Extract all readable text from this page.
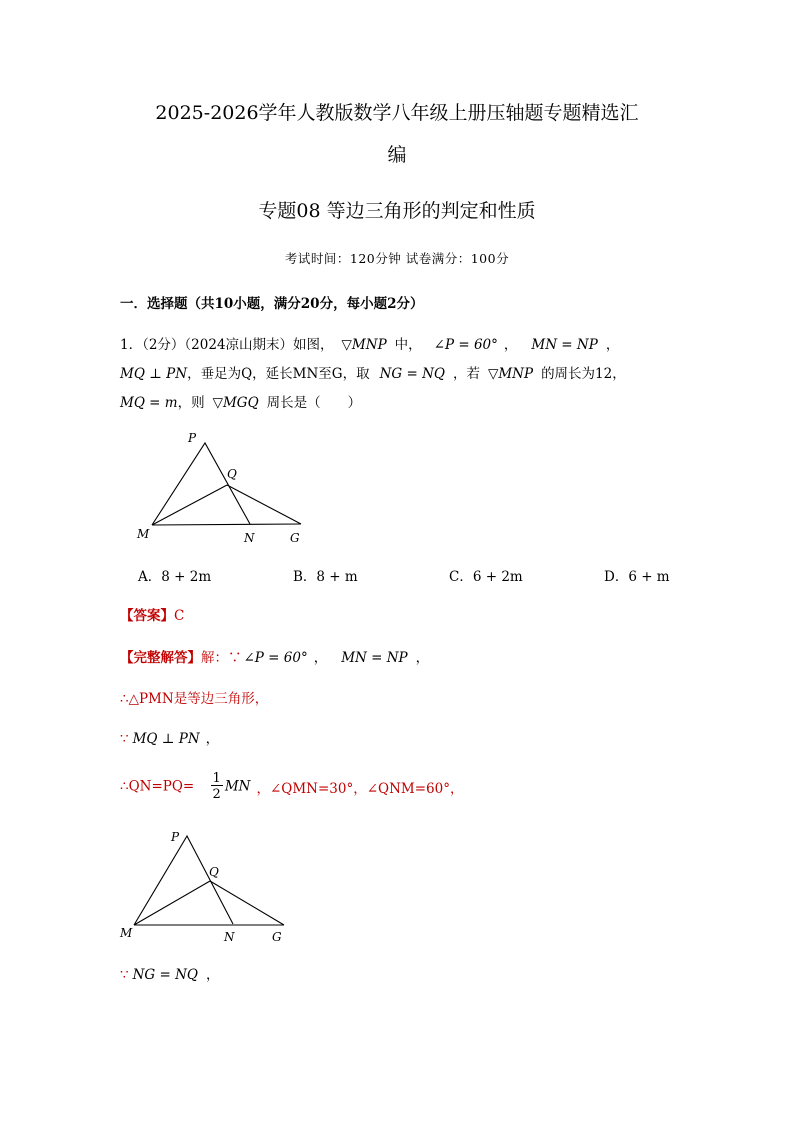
2025-2026学年人教版数学八年级上册压轴题专题精选汇
编
专题08 等边三角形的判定和性质
考试时间：120分钟 试卷满分：100分
一．选择题（共10小题，满分20分，每小题2分）
1．（2分）（2024凉山期末）如图， ▽MNP 中， ∠P = 60° ， MN = NP ，
MQ ⊥ PN，垂足为Q，延长MN至G，取 NG = NQ ，若 ▽MNP 的周长为12，
MQ = m，则 ▽MGQ 周长是（　　）
P
Q
M	N	G
A．8 + 2m	B．8 + m	C．6 + 2m	D．6 + m
【答案】C
【完整解答】解：∵ ∠P = 60° ， MN = NP ，
∴△PMN是等边三角形，
∵ MQ ⊥ PN ，
∴QN=PQ= $\frac{1}{2}$ MN ，∠QMN=30°，∠QNM=60°，
P
Q
M	N	G
∵ NG = NQ ，
